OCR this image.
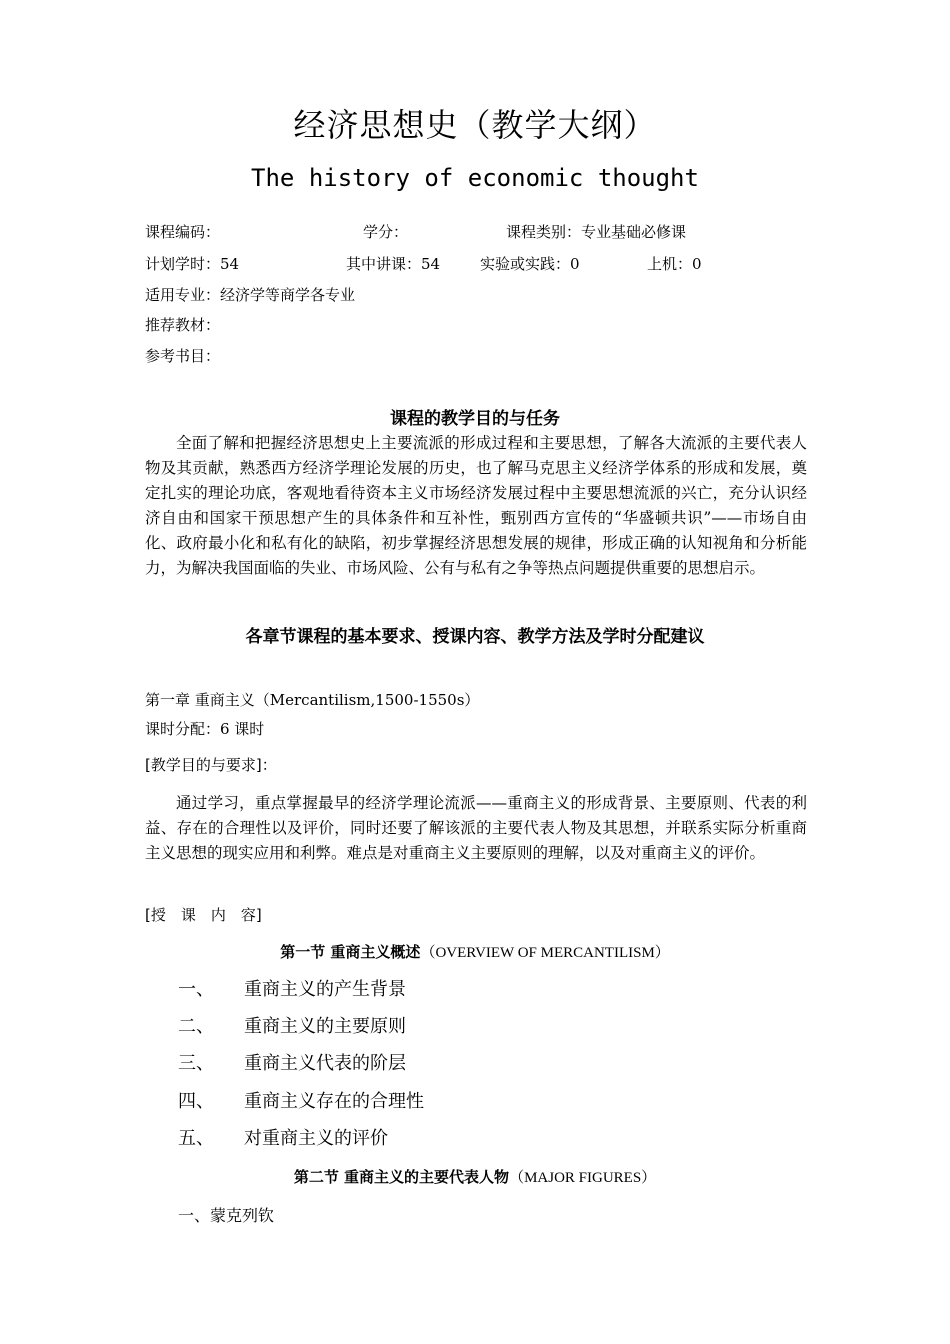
经济思想史（教学大纲）
The history of economic thought
课程编码：	学分：	课程类别：专业基础必修课
计划学时：54	其中讲课：54	实验或实践：0	上机：0
适用专业：经济学等商学各专业
推荐教材：
参考书目：
课程的教学目的与任务

全面了解和把握经济思想史上主要流派的形成过程和主要思想，了解各大流派的主要代表人物及其贡献，熟悉西方经济学理论发展的历史，也了解马克思主义经济学体系的形成和发展，奠定扎实的理论功底，客观地看待资本主义市场经济发展过程中主要思想流派的兴亡，充分认识经济自由和国家干预思想产生的具体条件和互补性，甄别西方宣传的“华盛顿共识”——市场自由化、政府最小化和私有化的缺陷，初步掌握经济思想发展的规律，形成正确的认知视角和分析能力，为解决我国面临的失业、市场风险、公有与私有之争等热点问题提供重要的思想启示。

各章节课程的基本要求、授课内容、教学方法及学时分配建议
第一章 重商主义（Mercantilism,1500-1550s）
课时分配：6 课时
[教学目的与要求]：

通过学习，重点掌握最早的经济学理论流派——重商主义的形成背景、主要原则、代表的利益、存在的合理性以及评价，同时还要了解该派的主要代表人物及其思想，并联系实际分析重商主义思想的现实应用和利弊。难点是对重商主义主要原则的理解，以及对重商主义的评价。

[授　课　内　容]
第一节 重商主义概述（OVERVIEW OF MERCANTILISM）
一、 重商主义的产生背景
二、 重商主义的主要原则
三、 重商主义代表的阶层
四、 重商主义存在的合理性
五、 对重商主义的评价
第二节 重商主义的主要代表人物（MAJOR FIGURES）
一、蒙克列钦
